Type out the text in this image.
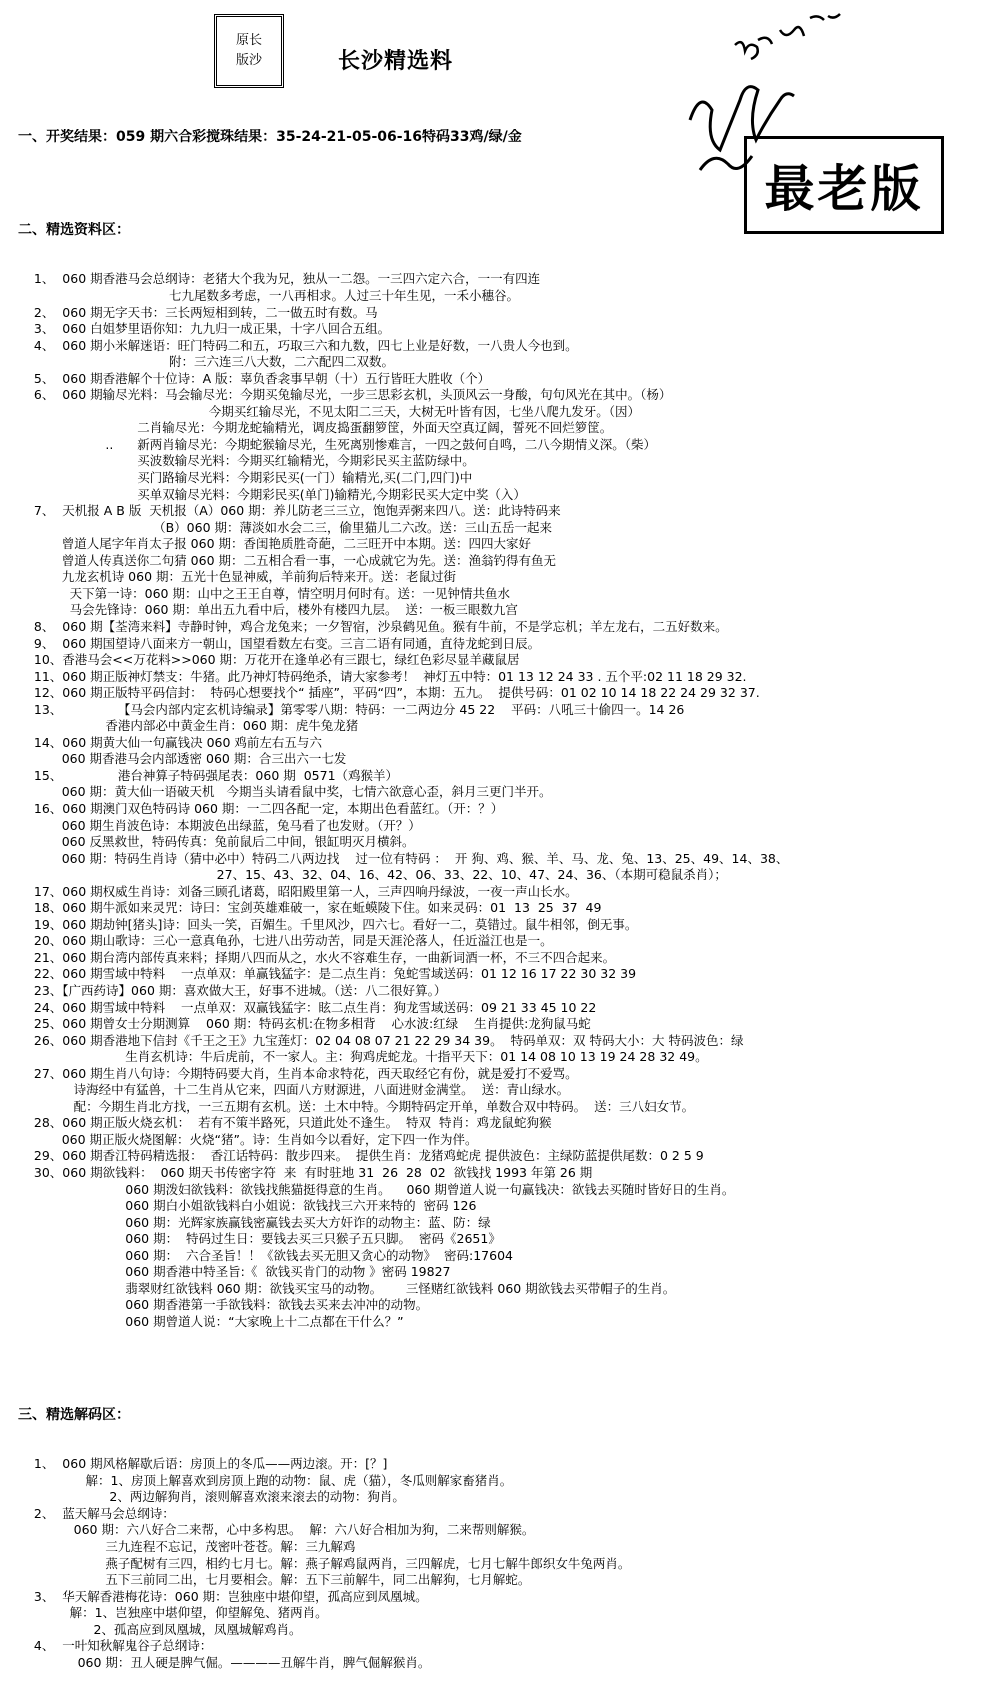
原长
版沙	长沙精选料
最老版

一、开奖结果：059 期六合彩搅珠结果：35-24-21-05-06-16特码33鸡/绿/金

二、精选资料区：

1、  060 期香港马会总纲诗：老猪大个我为兄，独从一二怨。一三四六定六合，一一有四连
七九尾数多考虑，一八再相求。人过三十年生见，一禾小穗谷。
2、  060 期无字天书：三长两短相到转，二一做五时有数。马
3、  060 白姐梦里语你知：九九归一成正果，十字八回合五组。
4、  060 期小米解迷语：旺门特码二和五，巧取三六和九数，四七上业是好数，一八贵人今也到。
附：三六连三八大数，二六配四二双数。
5、  060 期香港解个十位诗：A 版：辜负香衾事早朝（十）五行皆旺大胜收（个）
6、  060 期输尽光料：马会输尽光：今期买兔输尽光，一步三思彩玄机，头顶风云一身酸，句句风光在其中。（杨）
今期买红输尽光，不见太阳二三天，大树无叶皆有因，七坐八爬九发牙。（因）
二肖输尽光：今期龙蛇输精光，调皮捣蛋翻箩筐，外面天空真辽阔，誓死不回烂箩筐。
..      新两肖输尽光：今期蛇猴输尽光，生死离别惨难言，一四之鼓何自鸣，二八今期情义深。（柴）
买波数输尽光料：今期买红输精光，今期彩民买主蓝防绿中。
买门路输尽光料：今期彩民买(一门）输精光,买(二门,四门)中
买单双输尽光料：今期彩民买(单门)输精光,今期彩民买大定中奖（入）
7、  天机报 A B 版  天机报（A）060 期：养儿防老三三立，饱饱弄粥来四八。送：此诗特码来
（B）060 期：薄淡如水会二三，偷里猫儿二六改。送：三山五岳一起来
曾道人尾字年肖太子报 060 期：香闺艳质胜奇葩，二三旺开中本期。送：四四大家好
曾道人传真送你二句猜 060 期：二五相合看一事，一心成就它为先。送：渔翁钓得有鱼无
九龙玄机诗 060 期：五光十色显神威，羊前狗后特来开。送：老鼠过街
天下第一诗：060 期：山中之王王自尊，情空明月何时有。送：一见钟情共鱼水
马会先锋诗：060 期：单出五九看中后，楼外有楼四九层。  送：一板三眼数九宫
8、  060 期【荃湾来料】寺静时钟，鸡合龙兔来；一夕智宿，沙泉鹤见鱼。猴有牛前，不是学忘机；羊左龙右，二五好数来。
9、  060 期国望诗八面来方一朝山，国望看数左右变。三言二语有同通，直待龙蛇到日辰。
10、香港马会<<万花料>>060 期：万花开在逢单必有三跟七，绿红色彩尽显羊藏鼠居
11、060 期正版神灯禁支：牛猪。此乃神灯特码绝杀，请大家参考！  神灯五中特：01 13 12 24 33 . 五个平:02 11 18 29 32.
12、060 期正版特平码信封：  特码心想要找个“ 插座”，平码“四”，本期：五九。  提供号码：01 02 10 14 18 22 24 29 32 37.
13、              【马会内部内定玄机诗编录】第零零八期：特码：一二两边分 45 22    平码：八吼三十偷四一。14 26
香港内部必中黄金生肖：060 期：虎牛兔龙猪
14、060 期黄大仙一句赢钱决 060 鸡前左右五与六
060 期香港马会内部透密 060 期：合三出六一七发
15、              港台神算子特码强尾表：060 期  0571（鸡猴羊）
060 期：黄大仙一语破天机   今期当头请看鼠中奖，七情六欲意心歪，斜月三更门半开。
16、060 期澳门双色特码诗 060 期：一二四各配一定，本期出色看蓝红。（开：？）
060 期生肖波色诗：本期波色出绿蓝，兔马看了也发财。（开？）
060 反黑救世，特码传真：兔前鼠后二中间，银缸明灭月横斜。
060 期：特码生肖诗（猜中必中）特码二八两边找    过一位有特码 ：  开 狗、鸡、猴、羊、马、龙、兔、13、25、49、14、38、
27、15、43、32、04、16、42、06、33、22、10、47、24、36、（本期可稳鼠杀肖）；
17、060 期权威生肖诗：刘备三顾孔诸葛，昭阳殿里第一人，三声四响丹绿波，一夜一声山长水。
18、060 期牛派如来灵咒：诗曰：宝剑英雄难破一，家在蚯蟆陵下住。如来灵码：01  13  25  37  49
19、060 期劫钟[猪头]诗：回头一笑，百媚生。千里风沙，四六七。看好一二，莫错过。鼠牛相邻，倒无事。
20、060 期山歌诗：三心一意真龟孙，七进八出劳动苦，同是天涯沦落人，任近溢江也是一。
21、060 期台湾内部传真来料；择期八四而从之，水火不容难生存，一曲新词酒一杯，不三不四合起来。
22、060 期雪域中特料    一点单双：单赢钱猛字：是二点生肖：兔蛇雪域送码：01 12 16 17 22 30 32 39
23、【广西药诗】060 期：喜欢做大王，好事不进城。（送：八二很好算。）
24、060 期雪域中特料    一点单双：双赢钱猛字：眩二点生肖：狗龙雪域送码：09 21 33 45 10 22
25、060 期曾女士分期测算    060 期：特码玄机:在物多相背    心水波:红绿    生肖提供:龙狗鼠马蛇
26、060 期香港地下信封《千王之王》九宝莲灯：02 04 08 07 21 22 29 34 39。  特码单双：双 特码大小：大 特码波色：绿
生肖玄机诗：牛后虎前，不一家人。主：狗鸡虎蛇龙。十指平天下：01 14 08 10 13 19 24 28 32 49。
27、060 期生肖八句诗：今期特码要大肖，生肖本命求特花，西天取经它有份，就是爱打不爱骂。
诗海经中有猛兽，十二生肖从它来，四面八方财源进，八面进财金满堂。  送：青山绿水。
配：今期生肖北方找，一三五期有玄机。送：土木中特。今期特码定开单，单数合双中特码。  送：三八妇女节。
28、060 期正版火烧玄机：  若有不策半路死，只道此处不逢生。  特双  特肖：鸡龙鼠蛇狗猴
060 期正版火烧图解：火烧“猪”。诗：生肖如今以看好，定下四一作为伴。
29、060 期香江特码精选报：  香江话特码：散步四来。  提供生肖：龙猪鸡蛇虎 提供波色：主绿防蓝提供尾数：0 2 5 9
30、060 期欲钱料：  060 期天书传密字符  来  有时驻地 31  26  28  02  欲钱找 1993 年第 26 期
060 期泼妇欲钱料：欲钱找熊猫挺得意的生肖。    060 期曾道人说一句赢钱决：欲钱去买随时皆好日的生肖。
060 期白小姐欲钱料白小姐说：欲钱找三六开来特的  密码 126
060 期：光辉家族赢钱密赢钱去买大方奸诈的动物主：蓝、防：绿
060 期：  特码过生日：要钱去买三只猴子五只脚。  密码《2651》
060 期：  六合圣旨！！《欲钱去买无胆又贪心的动物》  密码:17604
060 期香港中特圣旨:《  欲钱买肯门的动物 》密码 19827
翡翠财红欲钱料 060 期：欲钱买宝马的动物。      三怪赌红欲钱料 060 期欲钱去买带帽子的生肖。
060 期香港第一手欲钱料：欲钱去买来去冲冲的动物。
060 期曾道人说：“大家晚上十二点都在干什么？”

三、精选解码区：

1、  060 期风格解歇后语：房顶上的冬瓜——两边滚。开：[？]
解：1、房顶上解喜欢到房顶上跑的动物：鼠、虎（猫），冬瓜则解家畜猪肖。
2、两边解狗肖，滚则解喜欢滚来滚去的动物：狗肖。
2、  蓝天解马会总纲诗：
060 期：六八好合二来帮，心中多构思。  解：六八好合相加为狗，二来帮则解猴。
三九连程不忘记，茂密叶苍苍。解：三九解鸡
燕子配树有三四，相约七月七。解：燕子解鸡鼠两肖，三四解虎，七月七解牛郎织女牛兔两肖。
五下三前同二出，七月要相会。解：五下三前解牛，同二出解狗，七月解蛇。
3、  华天解香港梅花诗：060 期：岂独座中堪仰望，孤高应到凤凰城。
解：1、岂独座中堪仰望，仰望解兔、猪两肖。
2、孤高应到凤凰城，凤凰城解鸡肖。
4、  一叶知秋解鬼谷子总纲诗：
060 期：丑人硬是脾气倔。————丑解牛肖，脾气倔解猴肖。
